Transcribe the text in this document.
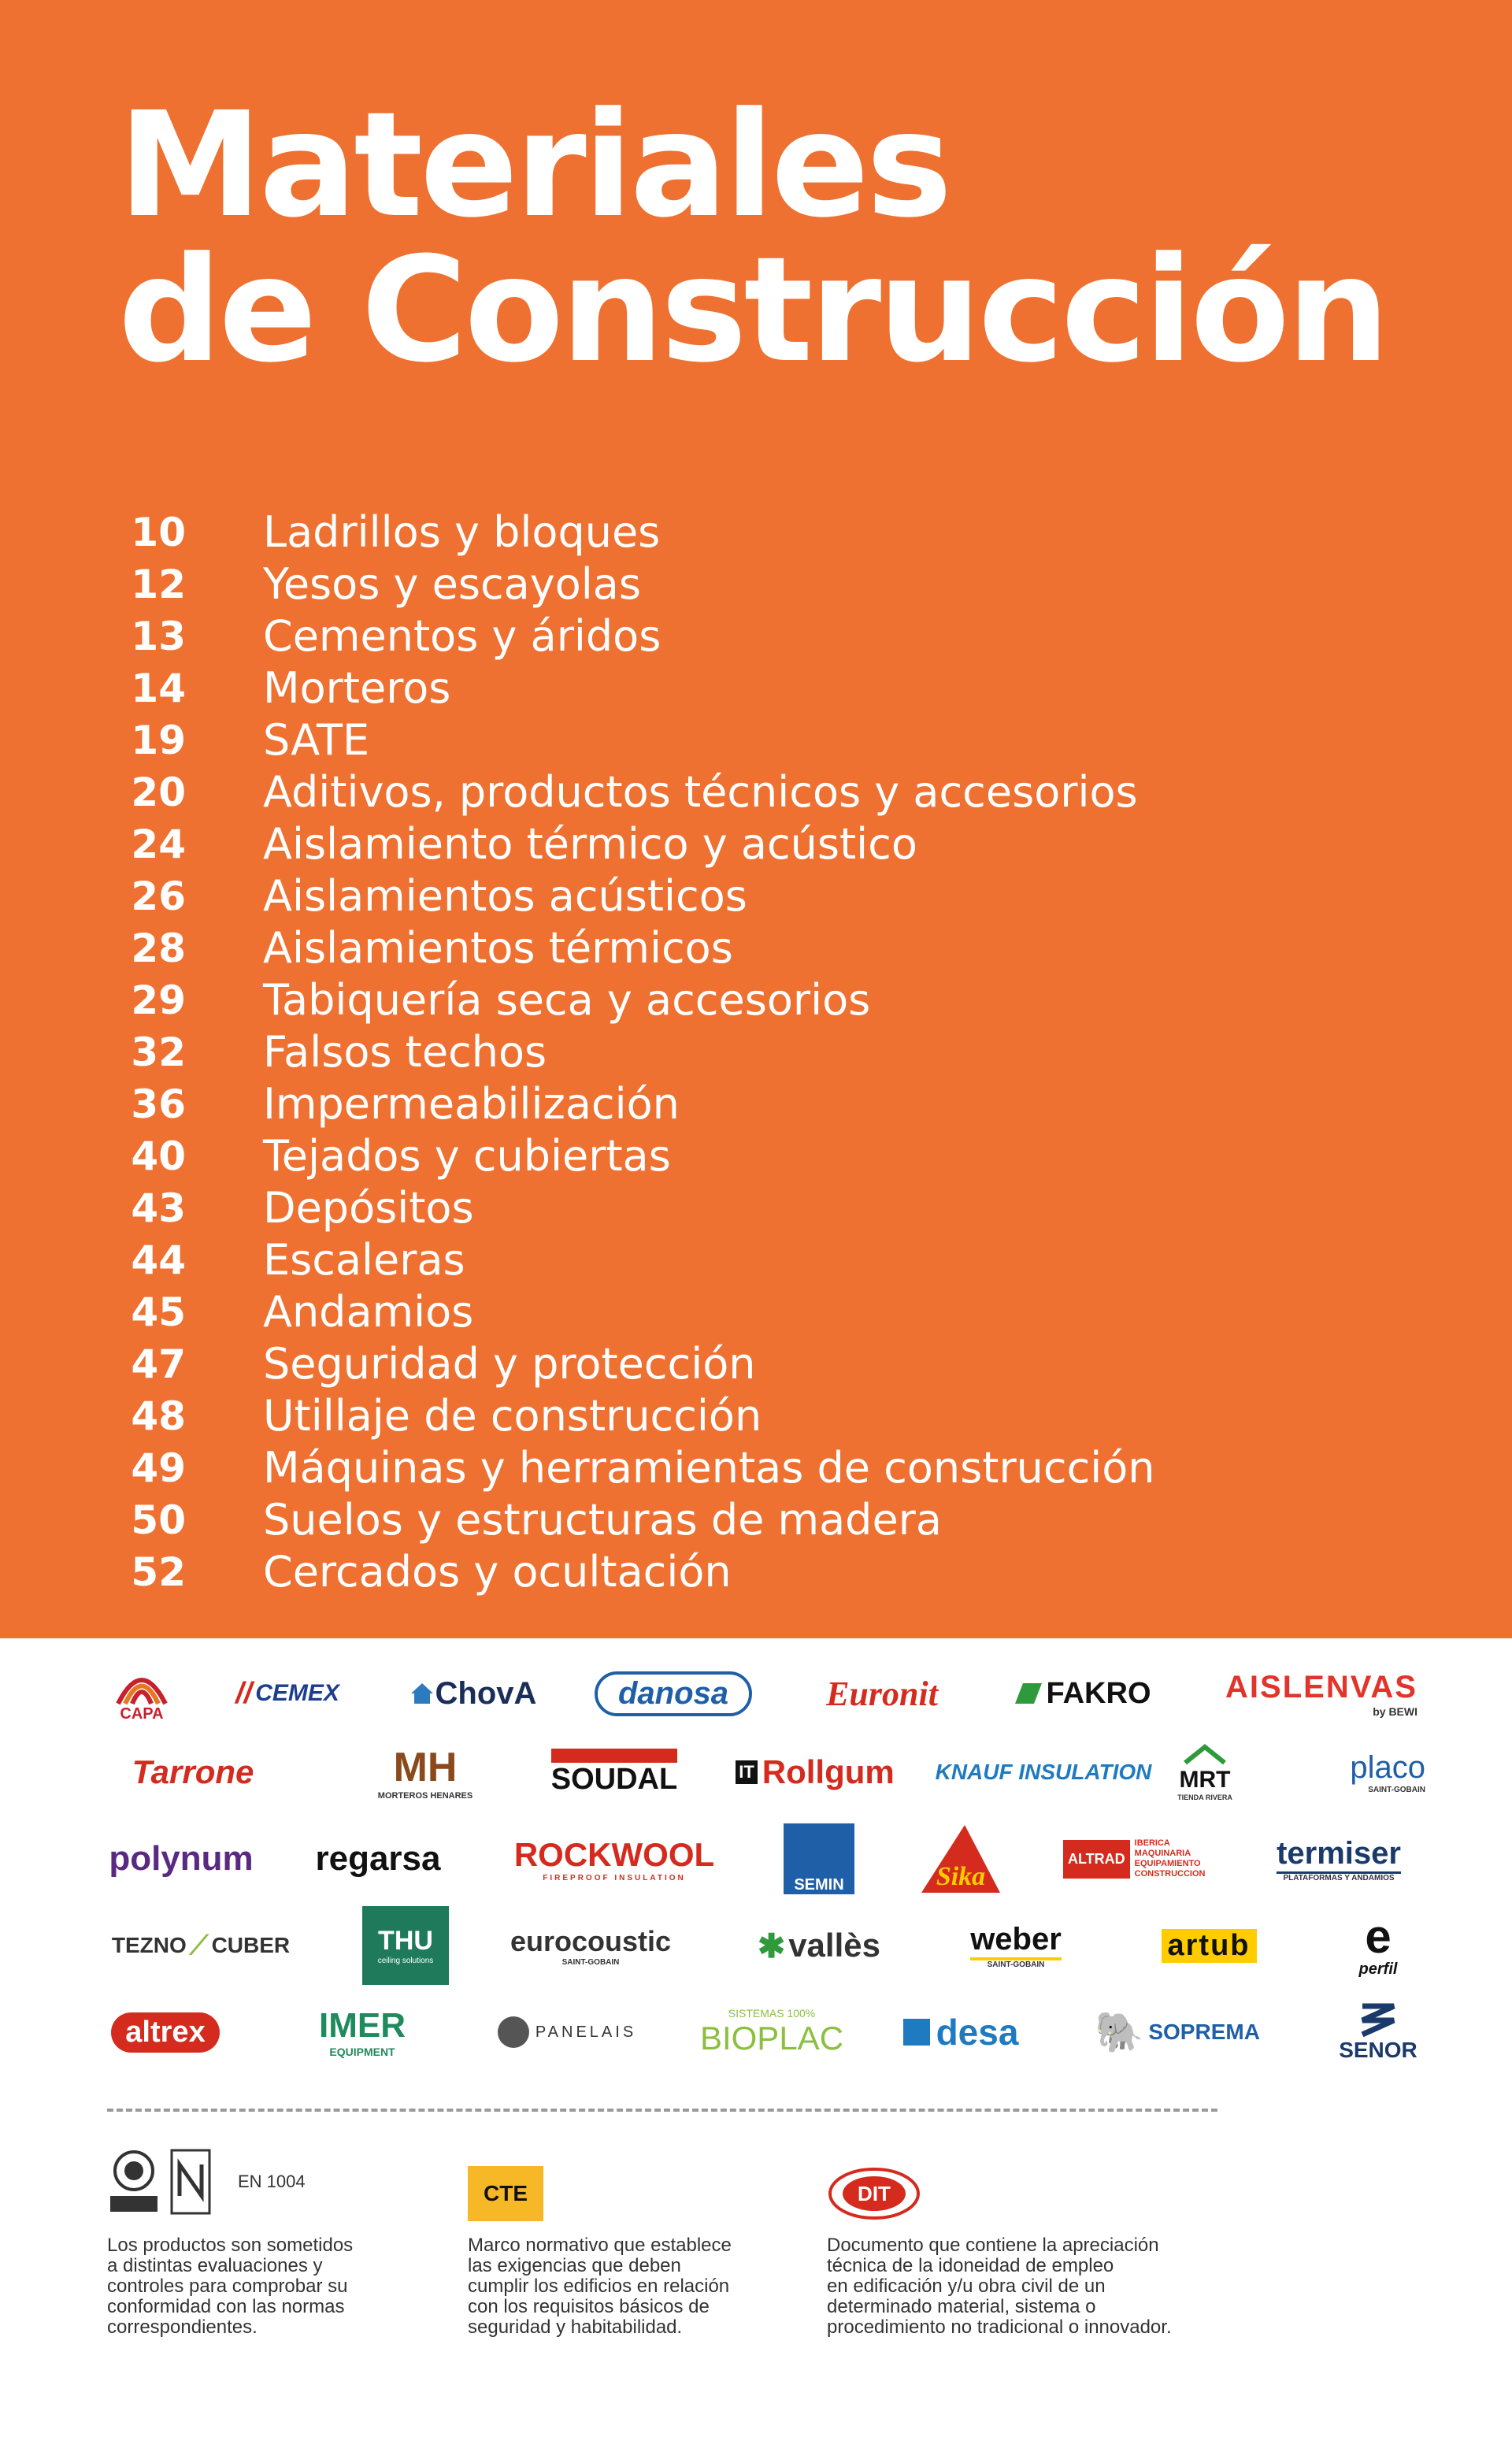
Materiales
de Construcción
10 Ladrillos y bloques
12 Yesos y escayolas
13 Cementos y áridos
14 Morteros
19 SATE
20 Aditivos, productos técnicos y accesorios
24 Aislamiento térmico y acústico
26 Aislamientos acústicos
28 Aislamientos térmicos
29 Tabiquería seca y accesorios
32 Falsos techos
36 Impermeabilización
40 Tejados y cubiertas
43 Depósitos
44 Escaleras
45 Andamios
47 Seguridad y protección
48 Utillaje de construcción
49 Máquinas y herramientas de construcción
50 Suelos y estructuras de madera
52 Cercados y ocultación
CAPA
// CEMEX	ChovA	danosa	Euronit	FAKRO AISLENVAS
by BEWI
Tarrone	MH
MORTEROS HENARES
SOUDAL	IT Rollgum KNAUF INSULATION MRT
TIENDA RIVERA
placo
SAINT-GOBAIN
polynum regarsa ROCKWOOL
FIREPROOF INSULATION	SEMIN	Sika
ALTRAD
IBERICA MAQUINARIA EQUIPAMIENTO CONSTRUCCION
termiser
PLATAFORMAS Y ANDAMIOS
TEZNO ⟋ CUBER	THU
ceiling solutions
eurocoustic
SAINT-GOBAIN	✱ vallès	weber
SAINT-GOBAIN
artub e
perfil
altrex	IMER
EQUIPMENT
PANELAIS
SISTEMAS 100%
BIOPLAC	desa 🐘 SOPREMA
SENOR
EN 1004
Los productos son sometidos
a distintas evaluaciones y
controles para comprobar su
conformidad con las normas
correspondientes.
CTE
Marco normativo que establece
las exigencias que deben
cumplir los edificios en relación
con los requisitos básicos de
seguridad y habitabilidad.
DIT
Documento que contiene la apreciación
técnica de la idoneidad de empleo
en edificación y/u obra civil de un
determinado material, sistema o
procedimiento no tradicional o innovador.
